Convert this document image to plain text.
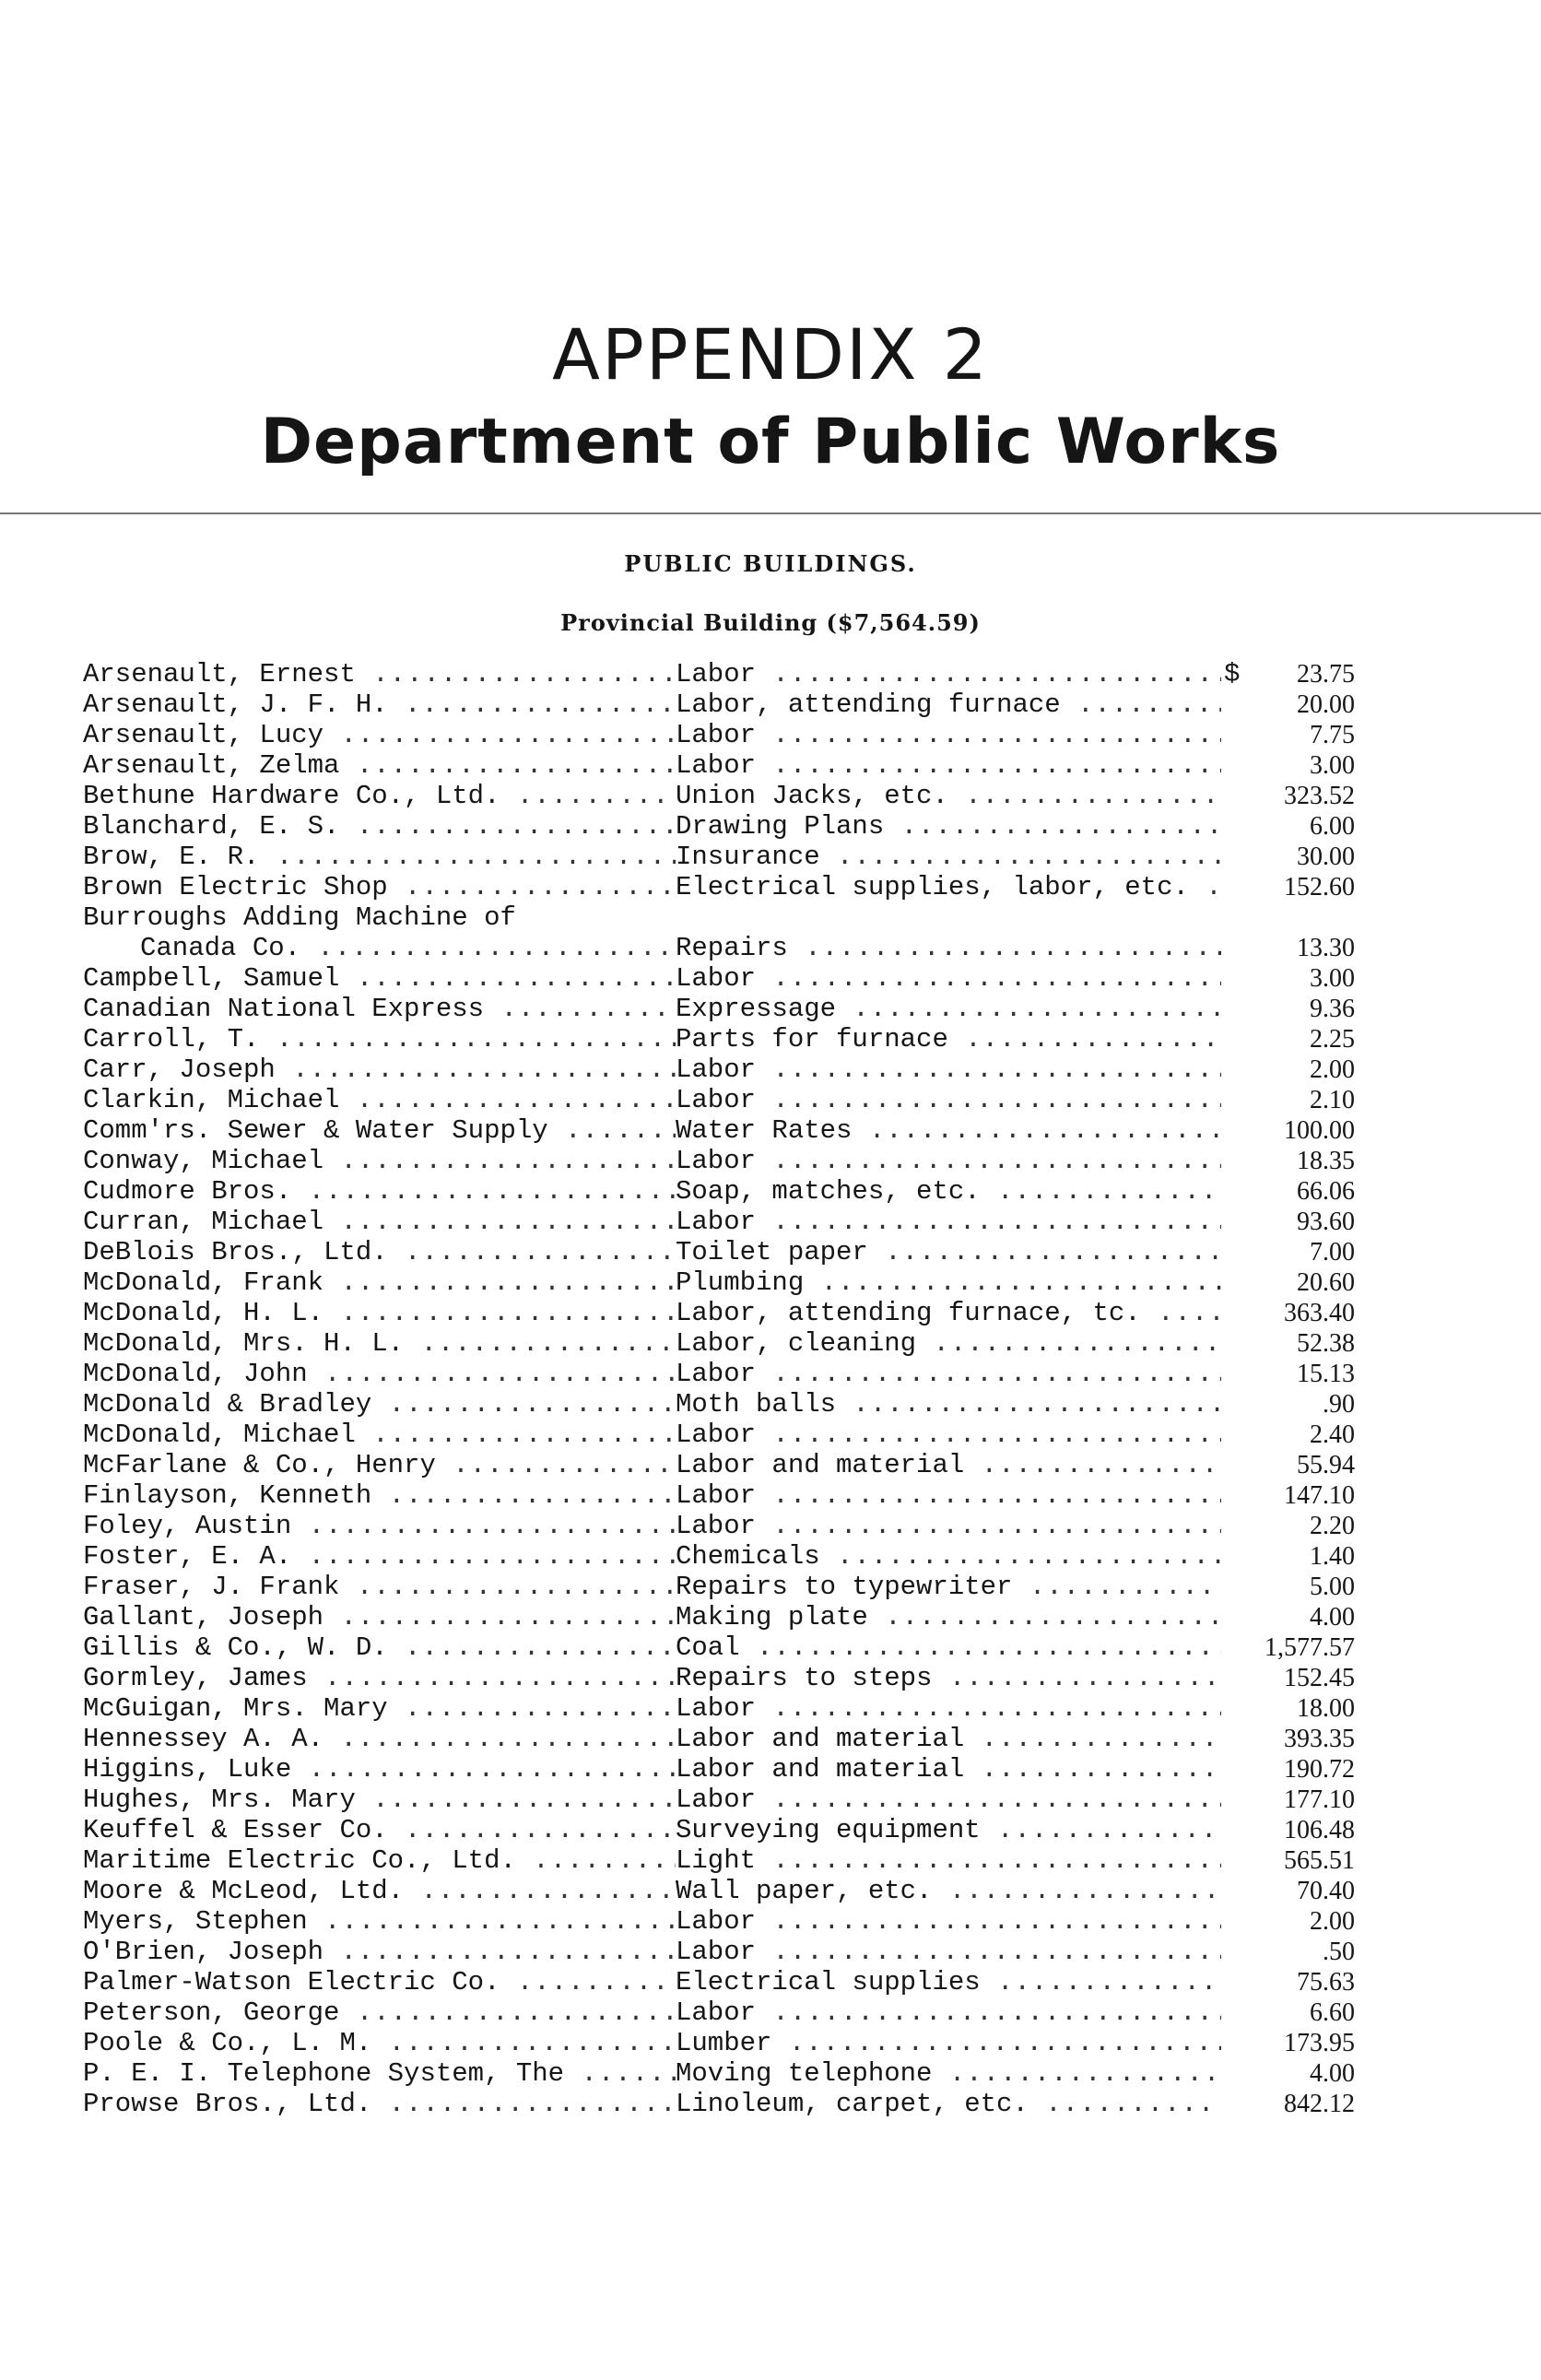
APPENDIX 2
Department of Public Works
PUBLIC BUILDINGS.
Provincial Building ($7,564.59)
Arsenault, Ernest .....	Labor .....	$	23.75
Arsenault, J. F. H. .....	Labor, attending furnace .....	20.00
Arsenault, Lucy .....	Labor .....	7.75
Arsenault, Zelma .....	Labor .....	3.00
Bethune Hardware Co., Ltd. .....	Union Jacks, etc. .....	323.52
Blanchard, E. S. .....	Drawing Plans .....	6.00
Brow, E. R. .....	Insurance .....	30.00
Brown Electric Shop .....	Electrical supplies, labor, etc. .....	152.60
Burroughs Adding Machine of
Canada Co. .....	Repairs .....	13.30
Campbell, Samuel .....	Labor .....	3.00
Canadian National Express .....	Expressage .....	9.36
Carroll, T. .....	Parts for furnace .....	2.25
Carr, Joseph .....	Labor .....	2.00
Clarkin, Michael .....	Labor .....	2.10
Comm'rs. Sewer & Water Supply .....	Water Rates .....	100.00
Conway, Michael .....	Labor .....	18.35
Cudmore Bros. .....	Soap, matches, etc. .....	66.06
Curran, Michael .....	Labor .....	93.60
DeBlois Bros., Ltd. .....	Toilet paper .....	7.00
McDonald, Frank .....	Plumbing .....	20.60
McDonald, H. L. .....	Labor, attending furnace, tc. .....	363.40
McDonald, Mrs. H. L. .....	Labor, cleaning .....	52.38
McDonald, John .....	Labor .....	15.13
McDonald & Bradley .....	Moth balls .....	.90
McDonald, Michael .....	Labor .....	2.40
McFarlane & Co., Henry .....	Labor and material .....	55.94
Finlayson, Kenneth .....	Labor .....	147.10
Foley, Austin .....	Labor .....	2.20
Foster, E. A. .....	Chemicals .....	1.40
Fraser, J. Frank .....	Repairs to typewriter .....	5.00
Gallant, Joseph .....	Making plate .....	4.00
Gillis & Co., W. D. .....	Coal .....	1,577.57
Gormley, James .....	Repairs to steps .....	152.45
McGuigan, Mrs. Mary .....	Labor .....	18.00
Hennessey A. A. .....	Labor and material .....	393.35
Higgins, Luke .....	Labor and material .....	190.72
Hughes, Mrs. Mary .....	Labor .....	177.10
Keuffel & Esser Co. .....	Surveying equipment .....	106.48
Maritime Electric Co., Ltd. .....	Light .....	565.51
Moore & McLeod, Ltd. .....	Wall paper, etc. .....	70.40
Myers, Stephen .....	Labor .....	2.00
O'Brien, Joseph .....	Labor .....	.50
Palmer-Watson Electric Co. .....	Electrical supplies .....	75.63
Peterson, George .....	Labor .....	6.60
Poole & Co., L. M. .....	Lumber .....	173.95
P. E. I. Telephone System, The .....	Moving telephone .....	4.00
Prowse Bros., Ltd. .....	Linoleum, carpet, etc. .....	842.12
